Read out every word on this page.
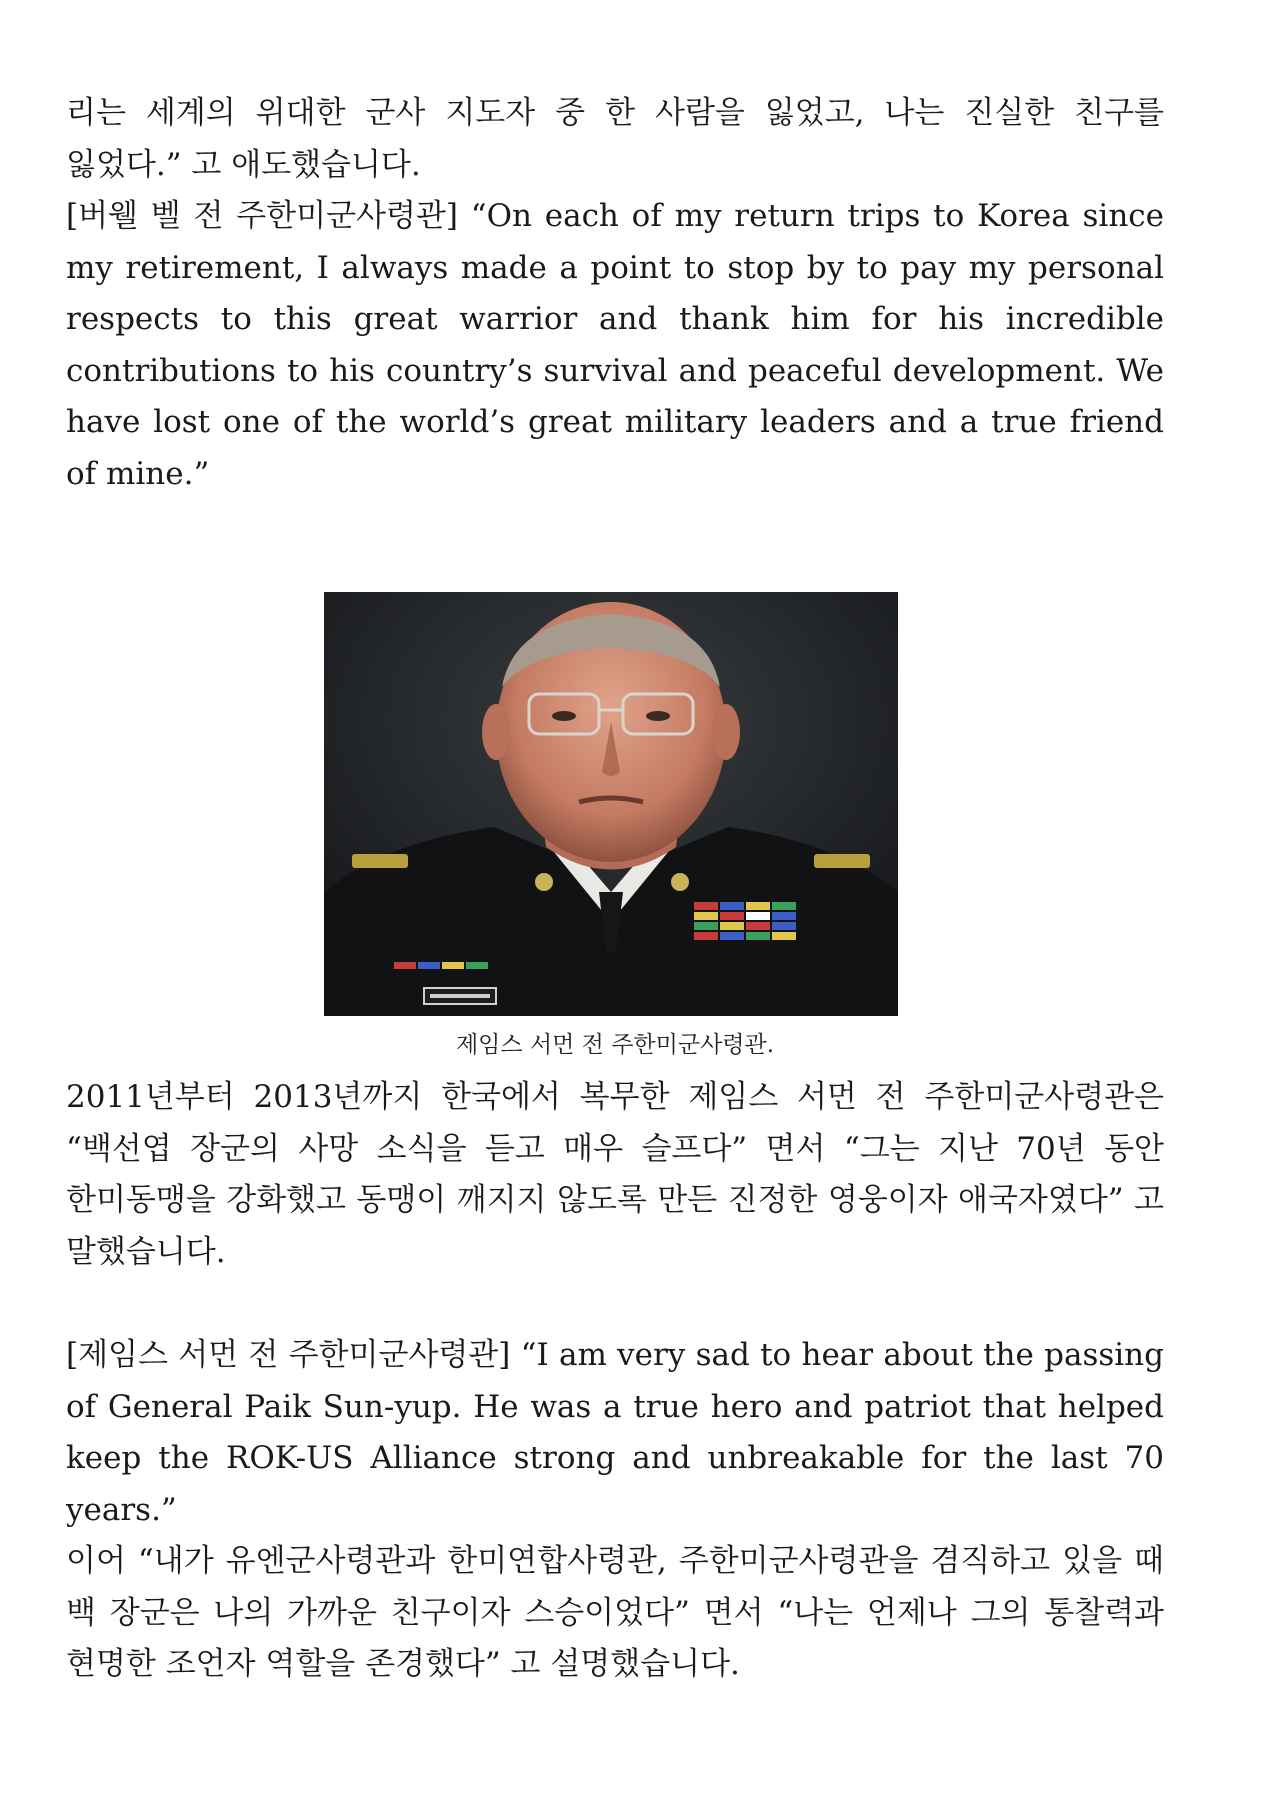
리는 세계의 위대한 군사 지도자 중 한 사람을 잃었고, 나는 진실한 친구를 잃었다.” 고 애도했습니다.

[버웰 벨 전 주한미군사령관] “On each of my return trips to Korea since my retirement, I always made a point to stop by to pay my personal respects to this great warrior and thank him for his incredible contributions to his country’s survival and peaceful development. We have lost one of the world’s great military leaders and a true friend of mine.”

제임스 서먼 전 주한미군사령관.

2011년부터 2013년까지 한국에서 복무한 제임스 서먼 전 주한미군사령관은 “백선엽 장군의 사망 소식을 듣고 매우 슬프다” 면서 “그는 지난 70년 동안 한미동맹을 강화했고 동맹이 깨지지 않도록 만든 진정한 영웅이자 애국자였다” 고 말했습니다.

[제임스 서먼 전 주한미군사령관] “I am very sad to hear about the passing of General Paik Sun-yup. He was a true hero and patriot that helped keep the ROK-US Alliance strong and unbreakable for the last 70 years.”

이어 “내가 유엔군사령관과 한미연합사령관, 주한미군사령관을 겸직하고 있을 때 백 장군은 나의 가까운 친구이자 스승이었다” 면서 “나는 언제나 그의 통찰력과 현명한 조언자 역할을 존경했다” 고 설명했습니다.
